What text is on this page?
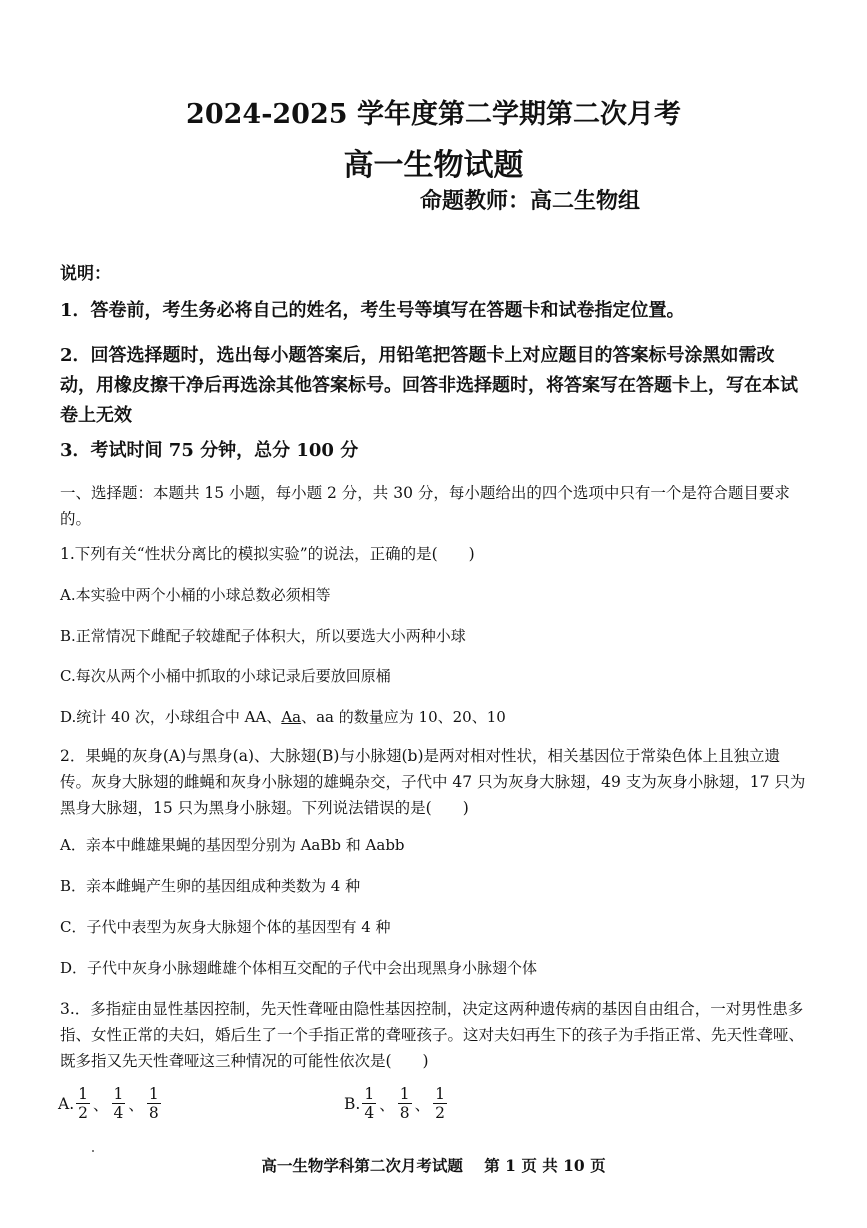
2024-2025 学年度第二学期第二次月考
高一生物试题
命题教师：高二生物组
说明：
1．答卷前，考生务必将自己的姓名，考生号等填写在答题卡和试卷指定位置。
2．回答选择题时，选出每小题答案后，用铅笔把答题卡上对应题目的答案标号涂黑如需改动，用橡皮擦干净后再选涂其他答案标号。回答非选择题时，将答案写在答题卡上，写在本试卷上无效
3．考试时间 75 分钟，总分 100 分
一、选择题：本题共 15 小题，每小题 2 分，共 30 分，每小题给出的四个选项中只有一个是符合题目要求的。
1.下列有关“性状分离比的模拟实验”的说法，正确的是(　　)
A.本实验中两个小桶的小球总数必须相等
B.正常情况下雌配子较雄配子体积大，所以要选大小两种小球
C.每次从两个小桶中抓取的小球记录后要放回原桶
D.统计 40 次，小球组合中 AA、Aa、aa 的数量应为 10、20、10
2．果蝇的灰身(A)与黑身(a)、大脉翅(B)与小脉翅(b)是两对相对性状，相关基因位于常染色体上且独立遗传。灰身大脉翅的雌蝇和灰身小脉翅的雄蝇杂交，子代中 47 只为灰身大脉翅，49 支为灰身小脉翅，17 只为黑身大脉翅，15 只为黑身小脉翅。下列说法错误的是(　　)
A．亲本中雌雄果蝇的基因型分别为 AaBb 和 Aabb
B．亲本雌蝇产生卵的基因组成种类数为 4 种
C．子代中表型为灰身大脉翅个体的基因型有 4 种
D．子代中灰身小脉翅雌雄个体相互交配的子代中会出现黑身小脉翅个体
3.．多指症由显性基因控制，先天性聋哑由隐性基因控制，决定这两种遗传病的基因自由组合，一对男性患多指、女性正常的夫妇，婚后生了一个手指正常的聋哑孩子。这对夫妇再生下的孩子为手指正常、先天性聋哑、既多指又先天性聋哑这三种情况的可能性依次是(　　)
A. $\frac{1}{2}$ 、 $\frac{1}{4}$ 、 $\frac{1}{8}$	B. $\frac{1}{4}$ 、 $\frac{1}{8}$ 、 $\frac{1}{2}$
高一生物学科第二次月考试题 第 1 页 共 10 页
